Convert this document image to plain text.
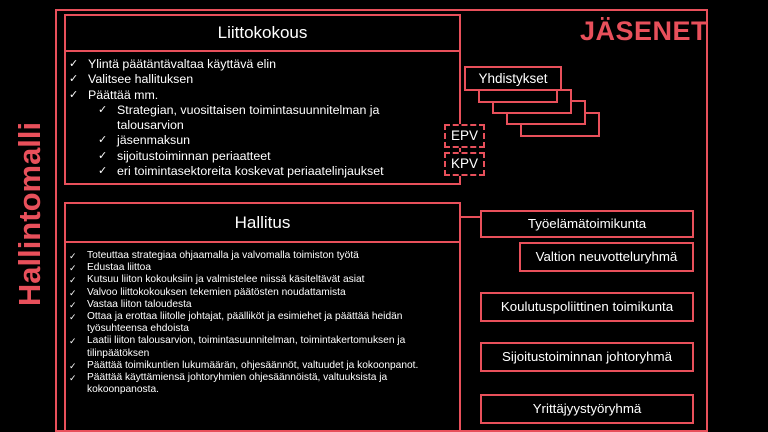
Hallintomalli
JÄSENET
Liittokokous
✓ Ylintä päätäntävaltaa käyttävä elin
✓ Valitsee hallituksen
✓ Päättää mm.
✓ Strategian, vuosittaisen toimintasuunnitelman ja talousarvion
✓ jäsenmaksun
✓ sijoitustoiminnan periaatteet
✓ eri toimintasektoreita koskevat periaatelinjaukset
Yhdistykset
EPV
KPV
Hallitus
✓ Toteuttaa strategiaa ohjaamalla ja valvomalla toimiston työtä
✓ Edustaa liittoa
✓ Kutsuu liiton kokouksiin ja valmistelee niissä käsiteltävät asiat
✓ Valvoo liittokokouksen tekemien päätösten noudattamista
✓ Vastaa liiton taloudesta
✓ Ottaa ja erottaa liitolle johtajat, päälliköt ja esimiehet ja päättää heidän työsuhteensa ehdoista
✓ Laatii liiton talousarvion, toimintasuunnitelman, toimintakertomuksen ja tilinpäätöksen
✓ Päättää toimikuntien lukumäärän, ohjesäännöt, valtuudet ja kokoonpanot.
✓ Päättää käyttämiensä johtoryhmien ohjesäännöistä, valtuuksista ja kokoonpanosta.
Työelämätoimikunta
Valtion neuvotteluryhmä
Koulutuspoliittinen toimikunta
Sijoitustoiminnan johtoryhmä
Yrittäjyystyöryhmä
